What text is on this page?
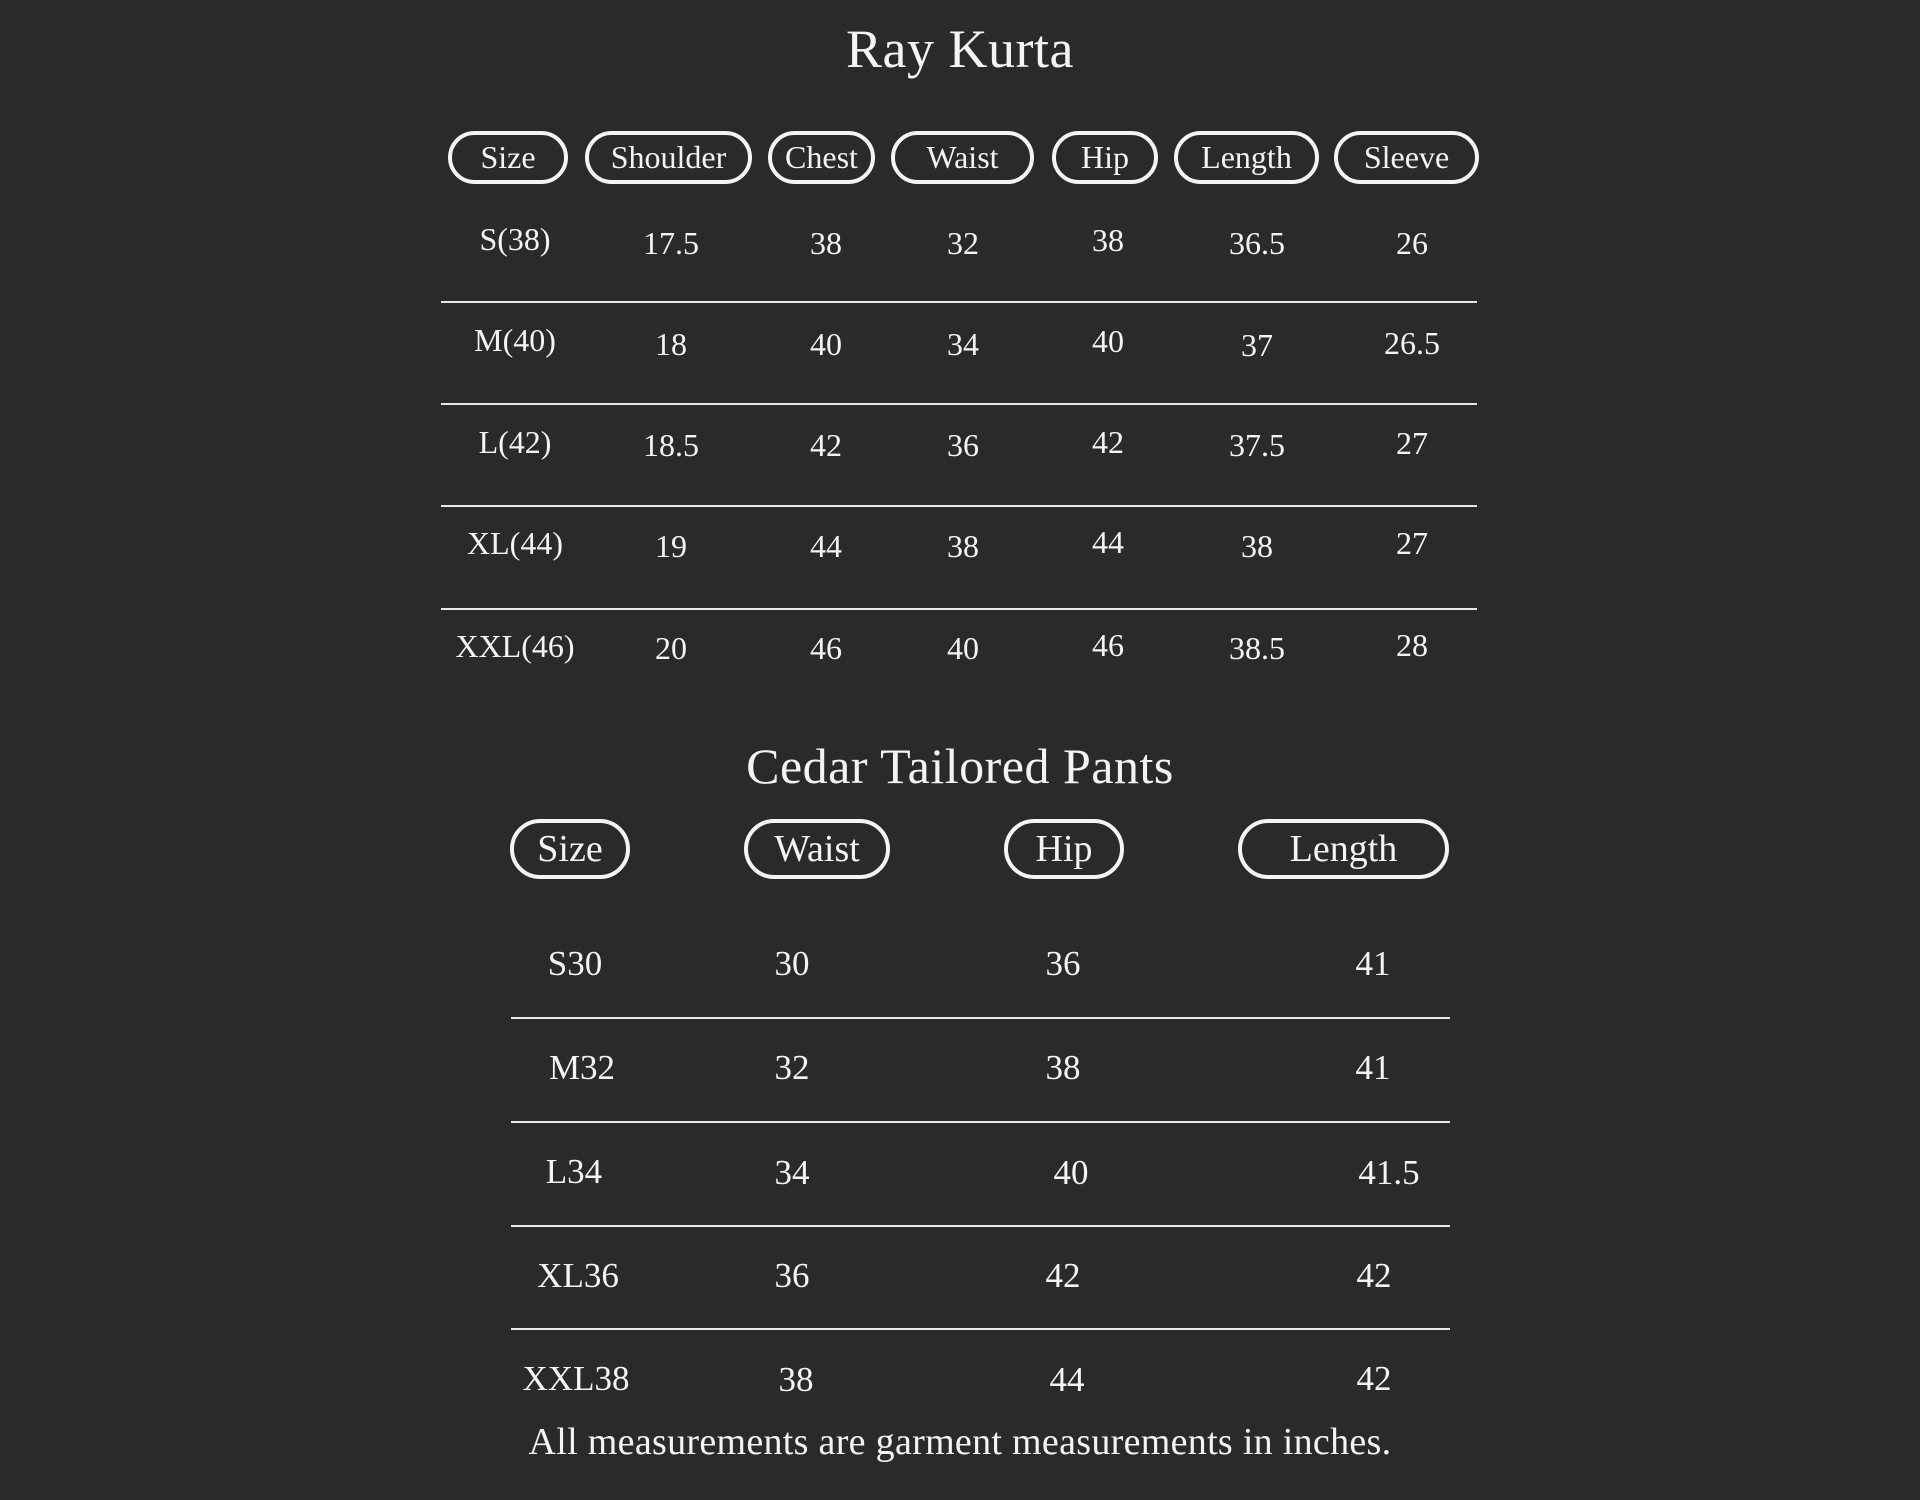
Ray Kurta
Size	Shoulder	Chest	Waist	Hip	Length	Sleeve
S(38)	17.5	38	32	38	36.5	26
M(40)	18	40	34	40	37	26.5
L(42)	18.5	42	36	42	37.5	27
XL(44)	19	44	38	44	38	27
XXL(46)	20	46	40	46	38.5	28
Cedar Tailored Pants
Size	Waist	Hip	Length
S30	30	36	41
M32	32	38	41
L34	34	40	41.5
XL36	36	42	42
XXL38	38	44	42
All measurements are garment measurements in inches.
